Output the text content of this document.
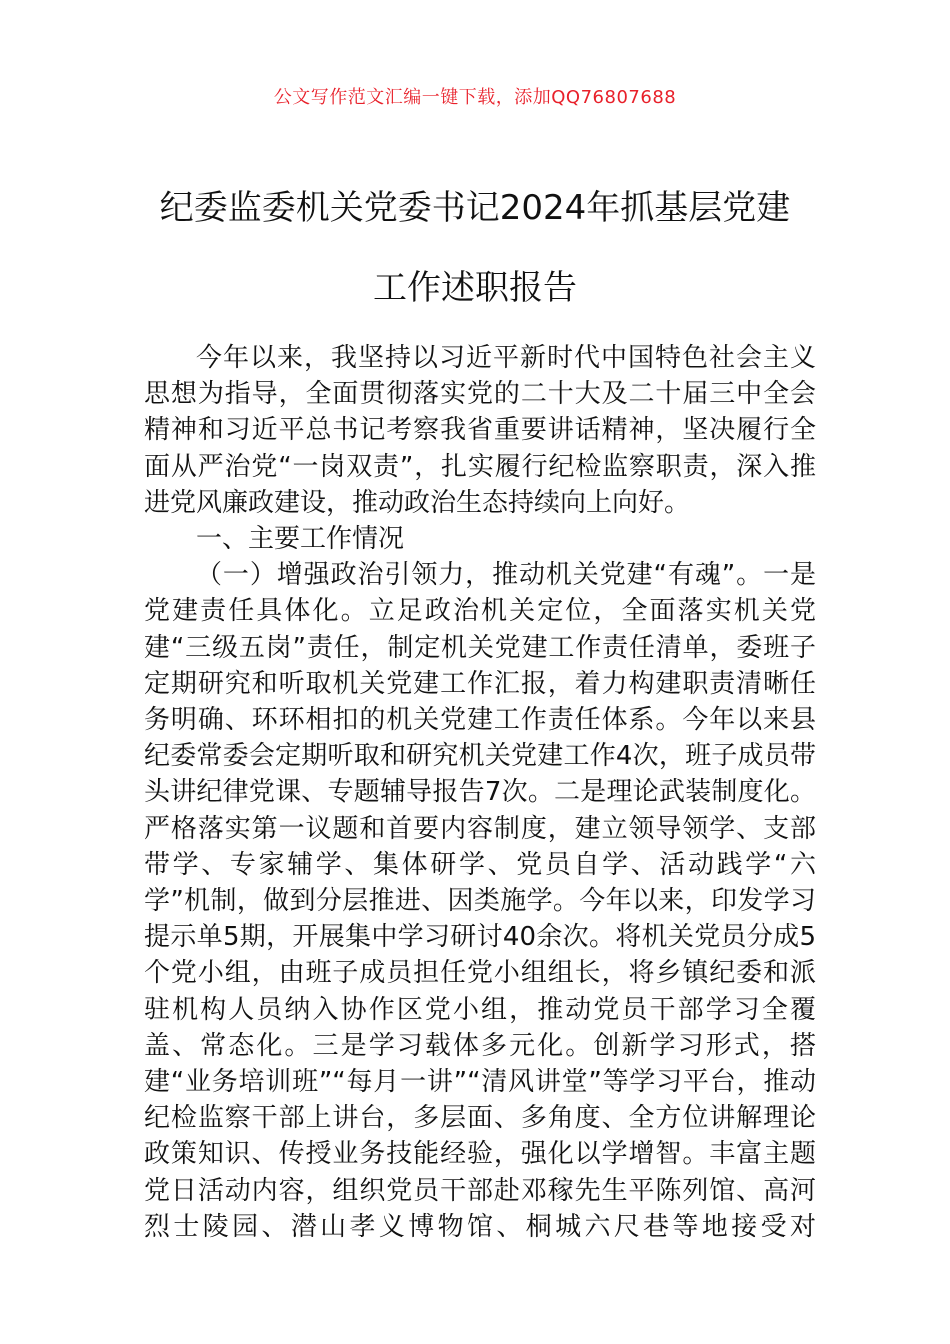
公文写作范文汇编一键下载，添加QQ76807688
纪委监委机关党委书记2024年抓基层党建
工作述职报告

今年以来，我坚持以习近平新时代中国特色社会主义思想为指导，全面贯彻落实党的二十大及二十届三中全会精神和习近平总书记考察我省重要讲话精神，坚决履行全面从严治党“一岗双责”，扎实履行纪检监察职责，深入推进党风廉政建设，推动政治生态持续向上向好。

一、主要工作情况

（一）增强政治引领力，推动机关党建“有魂”。一是党建责任具体化。立足政治机关定位，全面落实机关党建“三级五岗”责任，制定机关党建工作责任清单，委班子定期研究和听取机关党建工作汇报，着力构建职责清晰任务明确、环环相扣的机关党建工作责任体系。今年以来县纪委常委会定期听取和研究机关党建工作4次，班子成员带头讲纪律党课、专题辅导报告7次。二是理论武装制度化。严格落实第一议题和首要内容制度，建立领导领学、支部带学、专家辅学、集体研学、党员自学、活动践学“六学”机制，做到分层推进、因类施学。今年以来，印发学习提示单5期，开展集中学习研讨40余次。将机关党员分成5个党小组，由班子成员担任党小组组长，将乡镇纪委和派驻机构人员纳入协作区党小组，推动党员干部学习全覆盖、常态化。三是学习载体多元化。创新学习形式，搭建“业务培训班”“每月一讲”“清风讲堂”等学习平台，推动纪检监察干部上讲台，多层面、多角度、全方位讲解理论政策知识、传授业务技能经验，强化以学增智。丰富主题党日活动内容，组织党员干部赴邓稼先生平陈列馆、高河烈士陵园、潜山孝义博物馆、桐城六尺巷等地接受对
